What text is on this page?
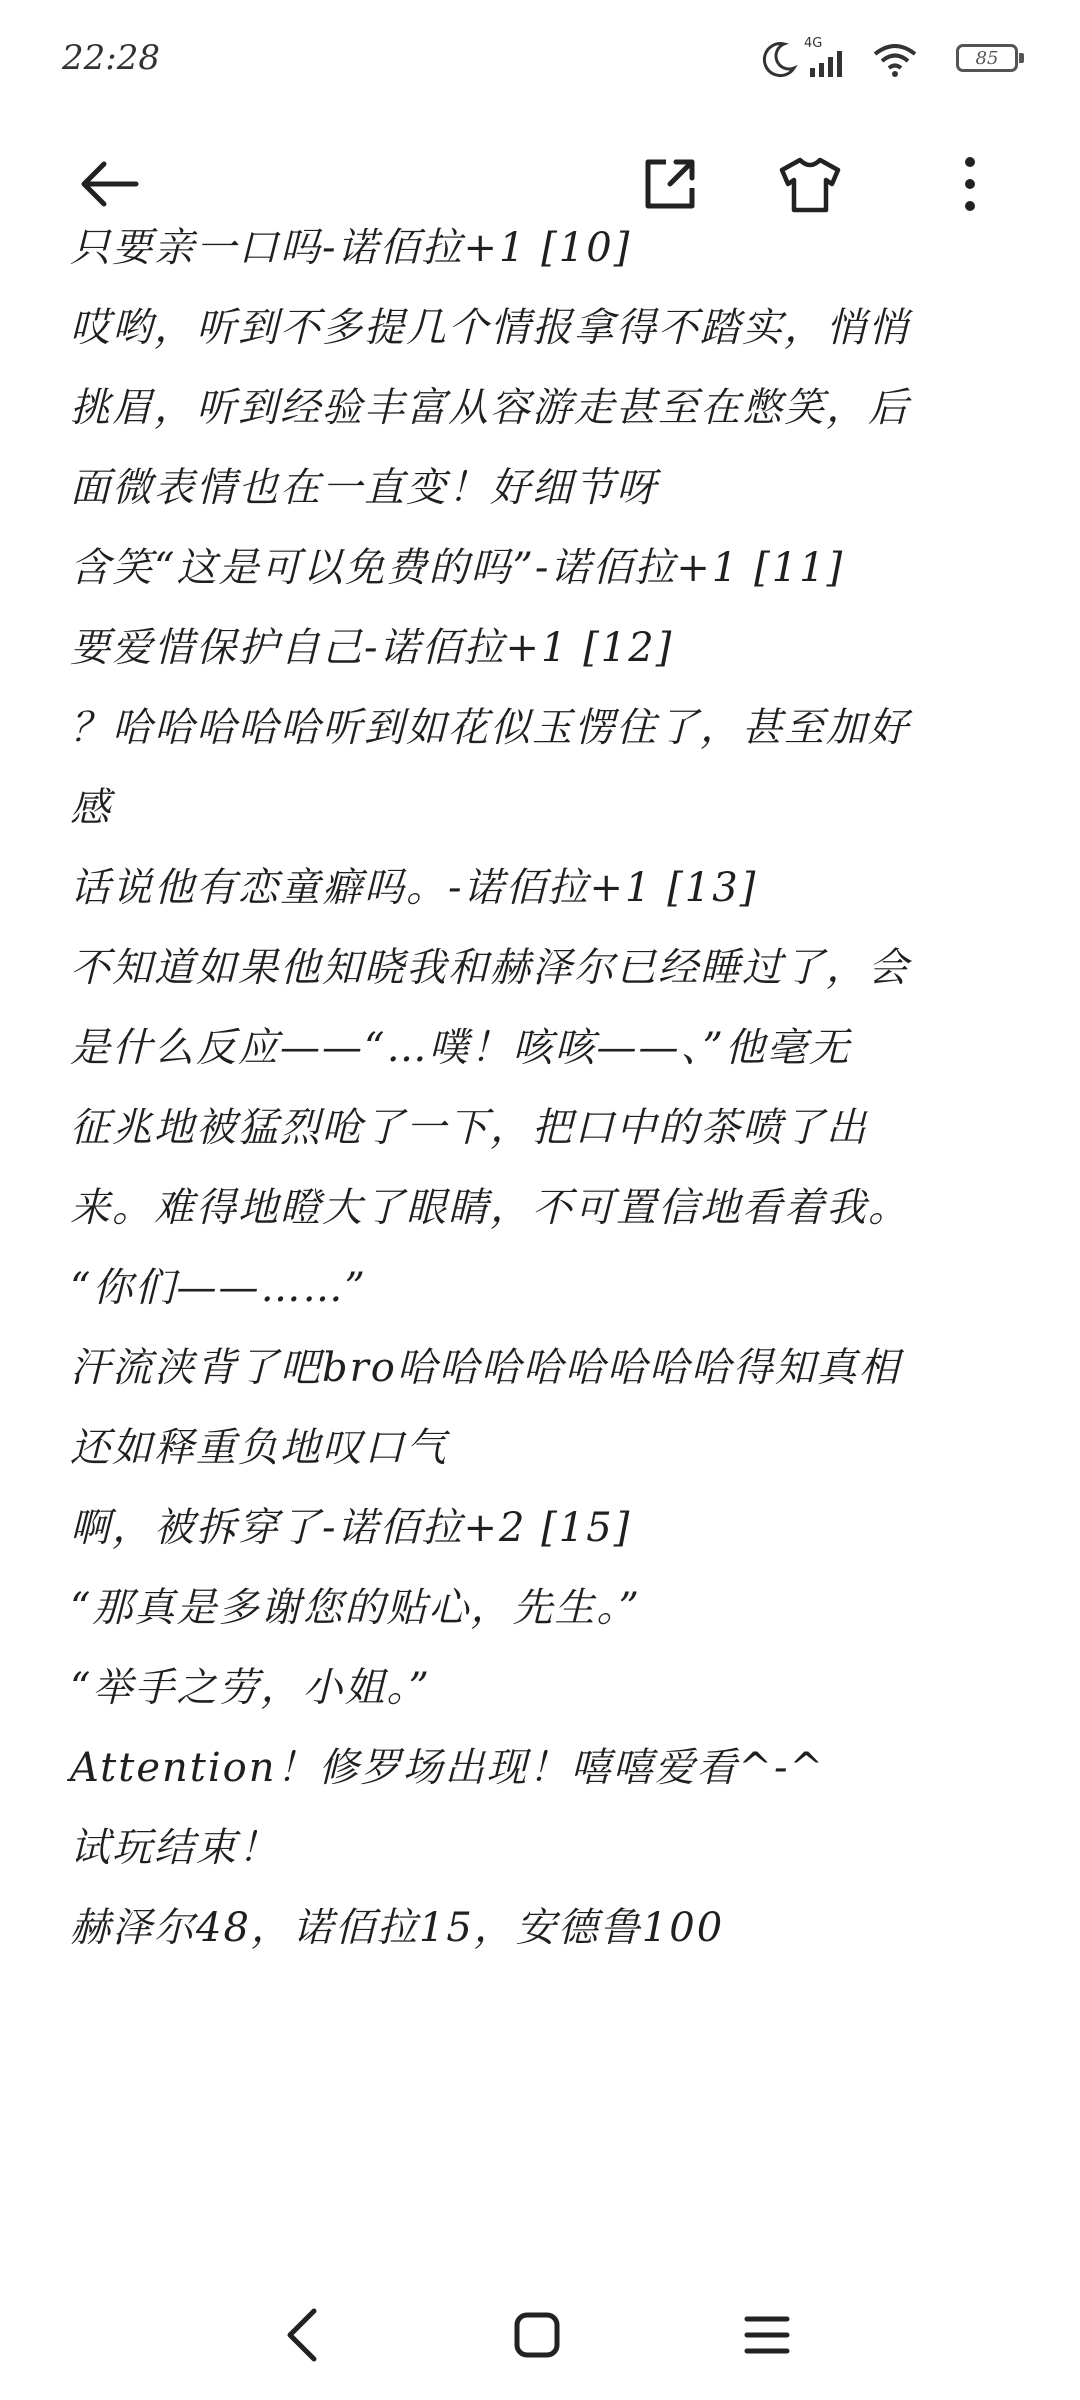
22:28	4G
85
只要亲一口吗-诺佰拉+1 [10]
哎哟，听到不多提几个情报拿得不踏实，悄悄
挑眉，听到经验丰富从容游走甚至在憋笑，后
面微表情也在一直变！好细节呀
含笑“这是可以免费的吗”-诺佰拉+1 [11]
要爱惜保护自己-诺佰拉+1 [12]
？哈哈哈哈哈听到如花似玉愣住了，甚至加好
感
话说他有恋童癖吗。-诺佰拉+1 [13]
不知道如果他知晓我和赫泽尔已经睡过了，会
是什么反应——“…噗！咳咳——、”他毫无
征兆地被猛烈呛了一下，把口中的茶喷了出
来。难得地瞪大了眼睛，不可置信地看着我。
“你们——……”
汗流浃背了吧bro哈哈哈哈哈哈哈哈得知真相
还如释重负地叹口气
啊，被拆穿了-诺佰拉+2 [15]
“那真是多谢您的贴心，先生。”
“举手之劳，小姐。”
Attention！修罗场出现！嘻嘻爱看^-^
试玩结束！
赫泽尔48，诺佰拉15，安德鲁100
